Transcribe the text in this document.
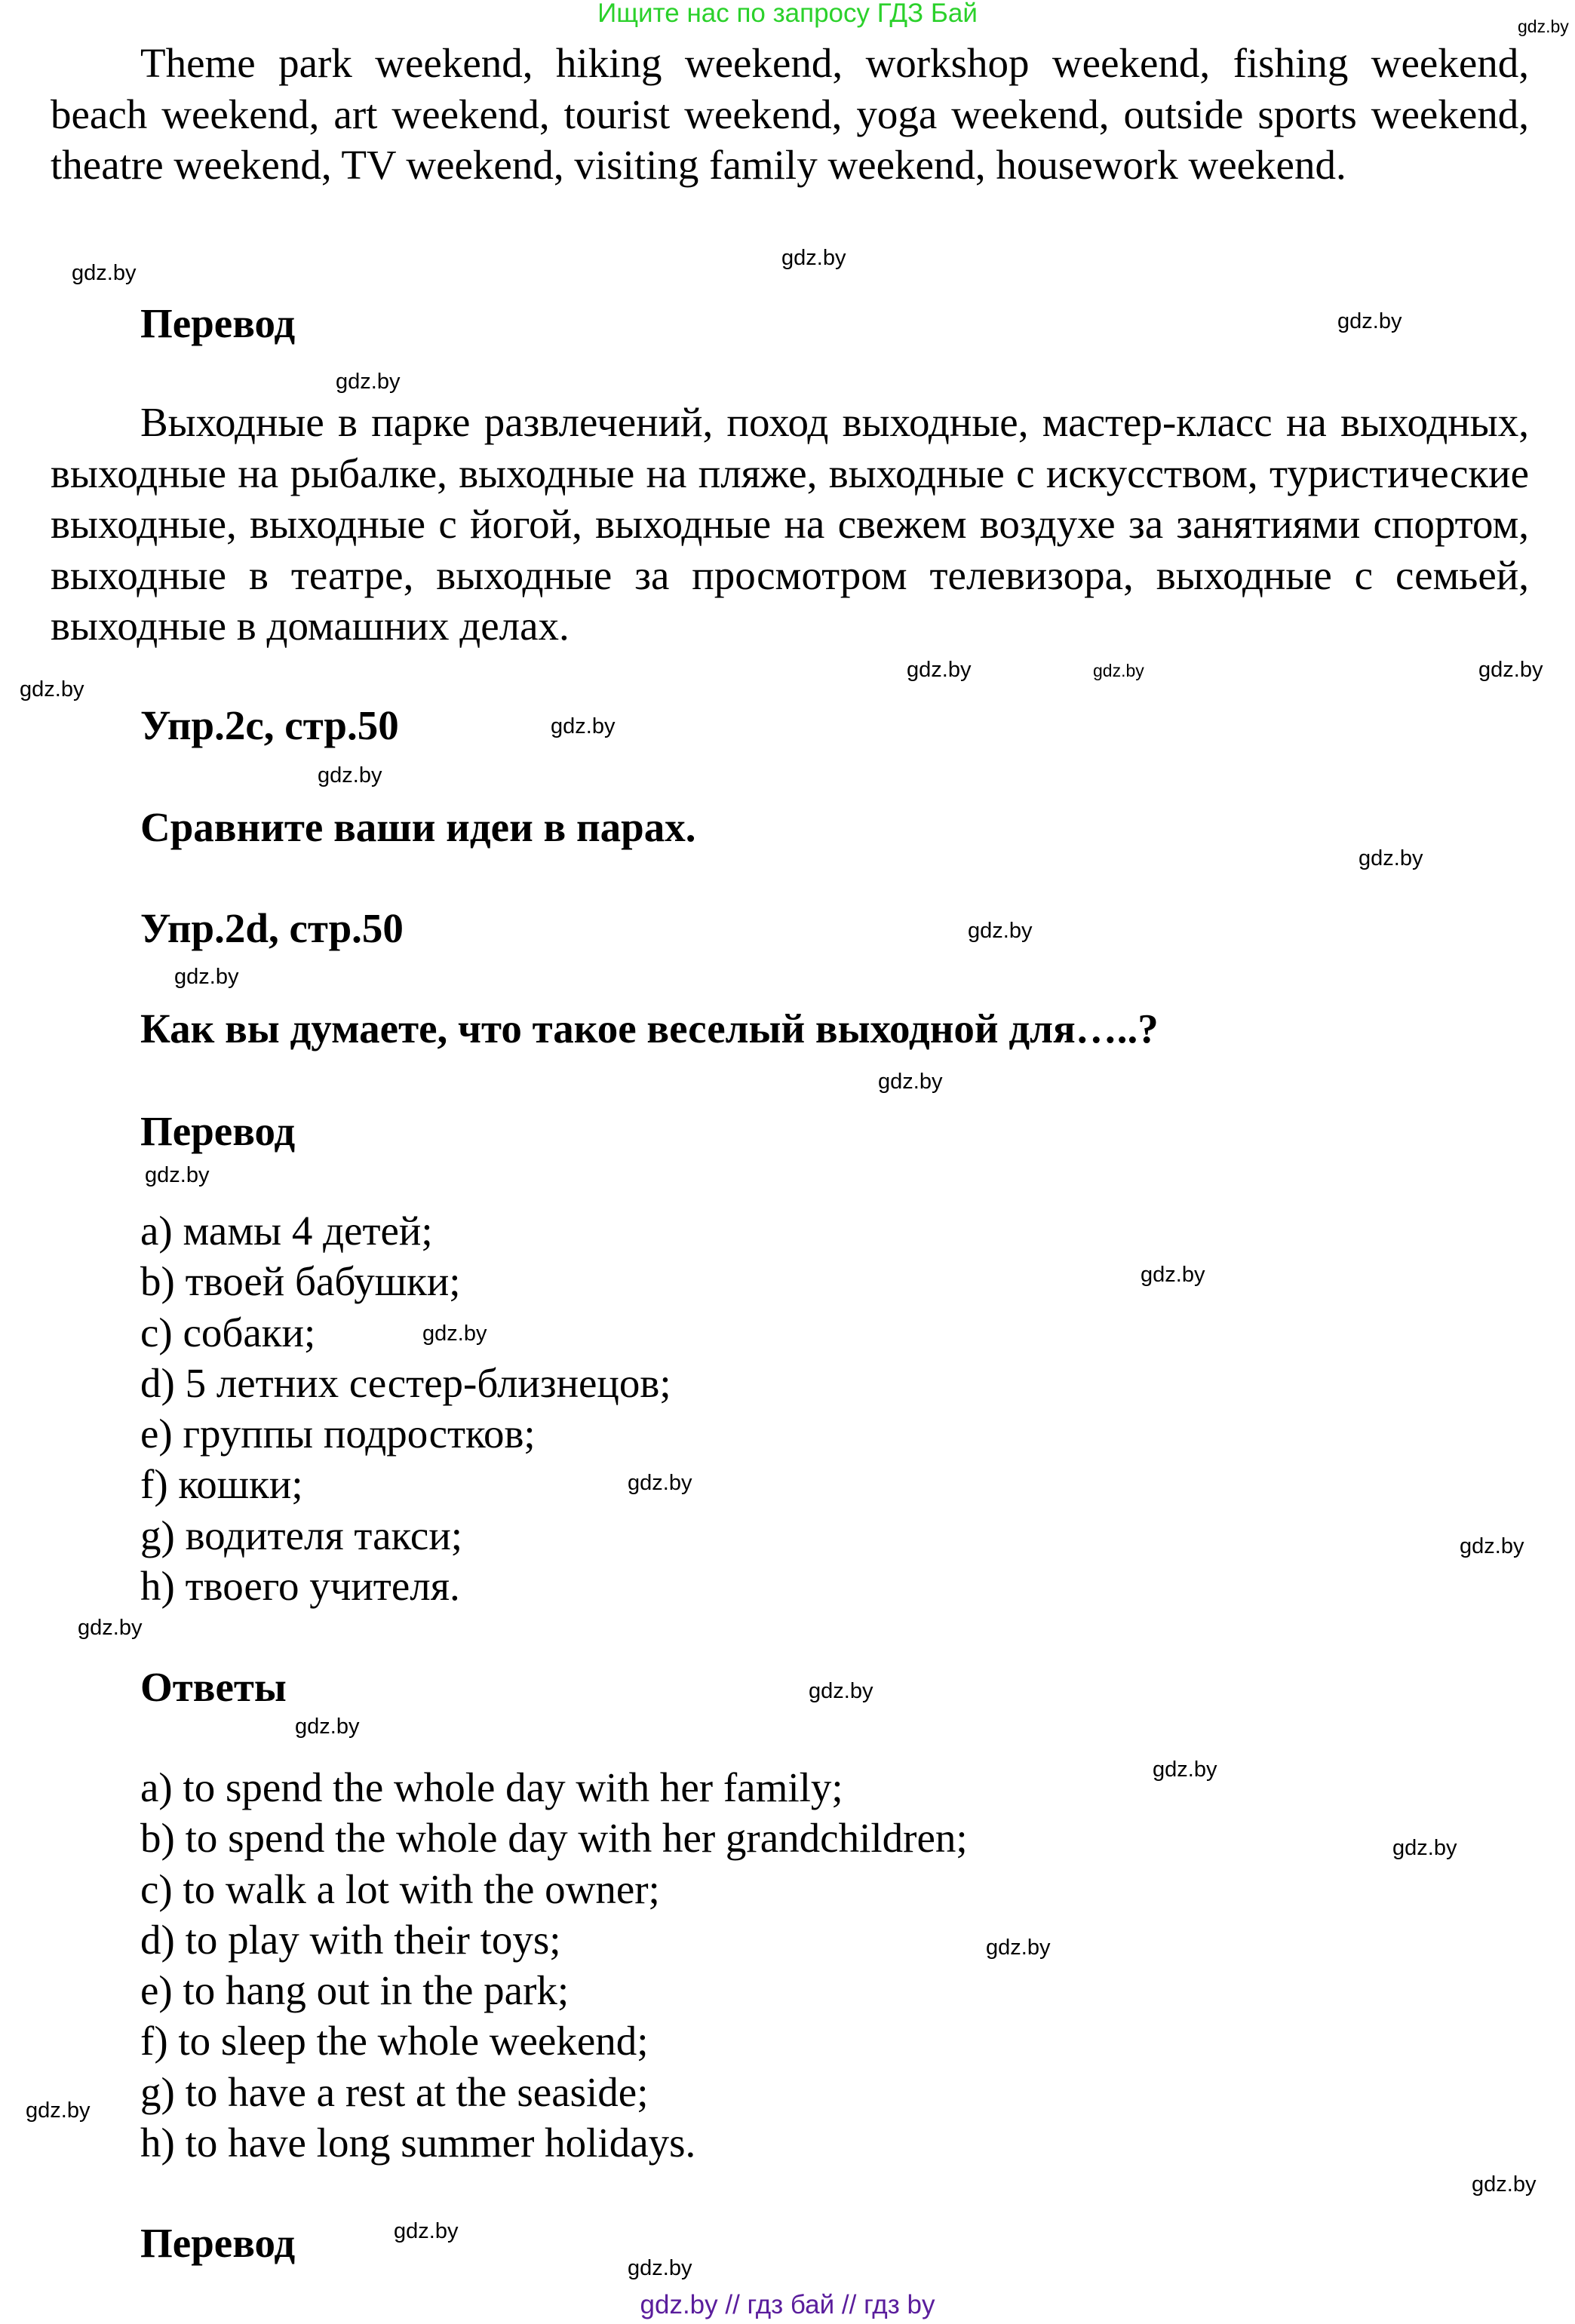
Ищите нас по запросу ГДЗ Бай

Theme park weekend, hiking weekend, workshop weekend, fishing weekend, beach weekend, art weekend, tourist weekend, yoga weekend, outside sports weekend, theatre weekend, TV weekend, visiting family weekend, housework weekend.

Перевод

Выходные в парке развлечений, поход выходные, мастер-класс на выходных, выходные на рыбалке, выходные на пляже, выходные с искусством, туристические выходные, выходные с йогой, выходные на свежем воздухе за занятиями спортом, выходные в театре, выходные за просмотром телевизора, выходные с семьей, выходные в домашних делах.

Упр.2с, стр.50
Сравните ваши идеи в парах.
Упр.2d, стр.50
Как вы думаете, что такое веселый выходной для…..?
Перевод
a) мамы 4 детей;
b) твоей бабушки;
c) собаки;
d) 5 летних сестер-близнецов;
e) группы подростков;
f) кошки;
g) водителя такси;
h) твоего учителя.
Ответы
a) to spend the whole day with her family;
b) to spend the whole day with her grandchildren;
c) to walk a lot with the owner;
d) to play with their toys;
e) to hang out in the park;
f) to sleep the whole weekend;
g) to have a rest at the seaside;
h) to have long summer holidays.
Перевод
gdz.by // гдз бай // гдз by
gdz.by
gdz.by
gdz.by
gdz.by
gdz.by
gdz.by	gdz.by
gdz.by
gdz.by
gdz.by
gdz.by
gdz.by
gdz.by
gdz.by
gdz.by
gdz.by
gdz.by
gdz.by
gdz.by
gdz.by
gdz.by
gdz.by
gdz.by
gdz.by
gdz.by
gdz.by
gdz.by
gdz.by
gdz.by
gdz.by
